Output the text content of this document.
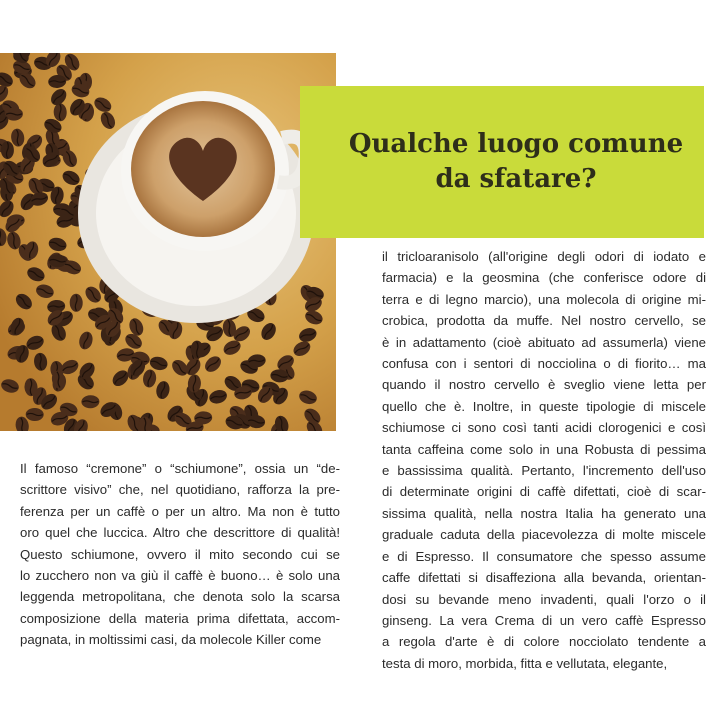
Qualche luogo comune
da sfatare?
Il famoso “cremone” o “schiumone”, ossia un “de-
scrittore visivo” che, nel quotidiano, rafforza la pre-
ferenza per un caffè o per un altro. Ma non è tutto
oro quel che luccica. Altro che descrittore di qualità!
Questo schiumone, ovvero il mito secondo cui se
lo zucchero non va giù il caffè è buono… è solo una
leggenda metropolitana, che denota solo la scarsa
composizione della materia prima difettata, accom-
pagnata, in moltissimi casi, da molecole Killer come
il tricloaranisolo (all'origine degli odori di iodato e
farmacia) e la geosmina (che conferisce odore di
terra e di legno marcio), una molecola di origine mi-
crobica, prodotta da muffe. Nel nostro cervello, se
è in adattamento (cioè abituato ad assumerla) viene
confusa con i sentori di nocciolina o di fiorito… ma
quando il nostro cervello è sveglio viene letta per
quello che è. Inoltre, in queste tipologie di miscele
schiumose ci sono così tanti acidi clorogenici e così
tanta caffeina come solo in una Robusta di pessima
e bassissima qualità. Pertanto, l'incremento dell'uso
di determinate origini di caffè difettati, cioè di scar-
sissima qualità, nella nostra Italia ha generato una
graduale caduta della piacevolezza di molte miscele
e di Espresso. Il consumatore che spesso assume
caffe difettati si disaffeziona alla bevanda, orientan-
dosi su bevande meno invadenti, quali l'orzo o il
ginseng. La vera Crema di un vero caffè Espresso
a regola d'arte è di colore nocciolato tendente a
testa di moro, morbida, fitta e vellutata, elegante,
